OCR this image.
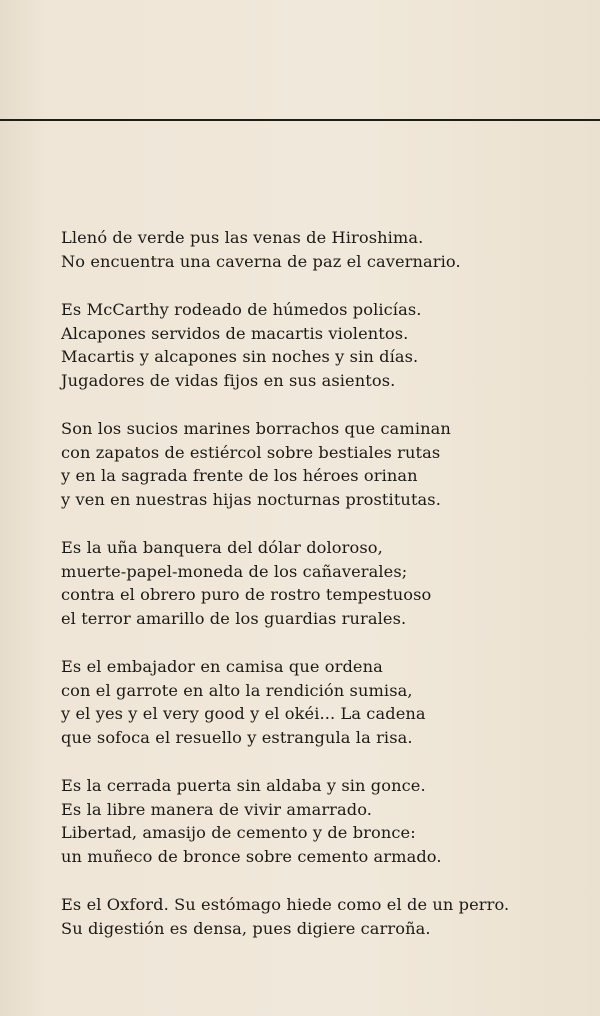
Llenó de verde pus las venas de Hiroshima.
No encuentra una caverna de paz el cavernario.
Es McCarthy rodeado de húmedos policías.
Alcapones servidos de macartis violentos.
Macartis y alcapones sin noches y sin días.
Jugadores de vidas fijos en sus asientos.
Son los sucios marines borrachos que caminan
con zapatos de estiércol sobre bestiales rutas
y en la sagrada frente de los héroes orinan
y ven en nuestras hijas nocturnas prostitutas.
Es la uña banquera del dólar doloroso,
muerte-papel-moneda de los cañaverales;
contra el obrero puro de rostro tempestuoso
el terror amarillo de los guardias rurales.
Es el embajador en camisa que ordena
con el garrote en alto la rendición sumisa,
y el yes y el very good y el okéi... La cadena
que sofoca el resuello y estrangula la risa.
Es la cerrada puerta sin aldaba y sin gonce.
Es la libre manera de vivir amarrado.
Libertad, amasijo de cemento y de bronce:
un muñeco de bronce sobre cemento armado.
Es el Oxford. Su estómago hiede como el de un perro.
Su digestión es densa, pues digiere carroña.
